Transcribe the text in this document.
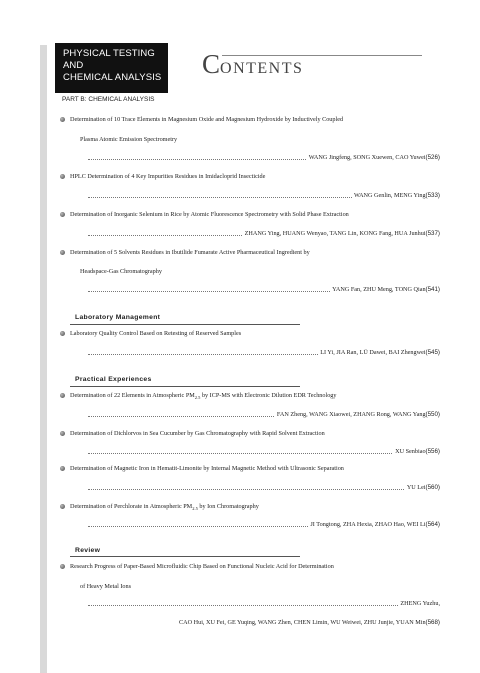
PHYSICAL TESTING
AND
CHEMICAL ANALYSIS CONTENTS
PART B: CHEMICAL ANALYSIS
Determination of 10 Trace Elements in Magnesium Oxide and Magnesium Hydroxide by Inductively Coupled
Plasma Atomic Emission Spectrometry
WANG Jingfeng, SONG Xuewen, CAO Yuwei(526)
HPLC Determination of 4 Key Impurities Residues in Imidacloprid Insecticide
WANG Genlin, MENG Ying(533)
Determination of Inorganic Selenium in Rice by Atomic Fluorescence Spectrometry with Solid Phase Extraction
ZHANG Ying, HUANG Wenyao, TANG Lin, KONG Fang, HUA Junhui(537)
Determination of 5 Solvents Residues in Ibutilide Fumarate Active Pharmaceutical Ingredient by
Headspace-Gas Chromatography
YANG Fan, ZHU Meng, TONG Qian(541)
Laboratory Management
Laboratory Quality Control Based on Retesting of Reserved Samples
LI Yi, JIA Ran, LÜ Dawei, BAI Zhengwei(545)
Practical Experiences
Determination of 22 Elements in Atmospheric $PM_{2.5}$ by ICP-MS with Electronic Dilution EDR Technology
FAN Zheng, WANG Xiaowei, ZHANG Rong, WANG Yang(550)
Determination of Dichlorvos in Sea Cucumber by Gas Chromatography with Rapid Solvent Extraction
XU Senbiao(556)
Determination of Magnetic Iron in Hematit-Limonite by Internal Magnetic Method with Ultrasonic Separation
YU Lei(560)
Determination of Perchlorate in Atmospheric $PM_{2.5}$ by Ion Chromatography
JI Tongtong, ZHA Hexia, ZHAO Hao, WEI Li(564)
Review
Research Progress of Paper-Based Microfluidic Chip Based on Functional Nucleic Acid for Determination
of Heavy Metal Ions
ZHENG Yuzhu,
CAO Hui, XU Fei, GE Yuqing, WANG Zhen, CHEN Limin, WU Weiwei, ZHU Junjie, YUAN Min(568)
